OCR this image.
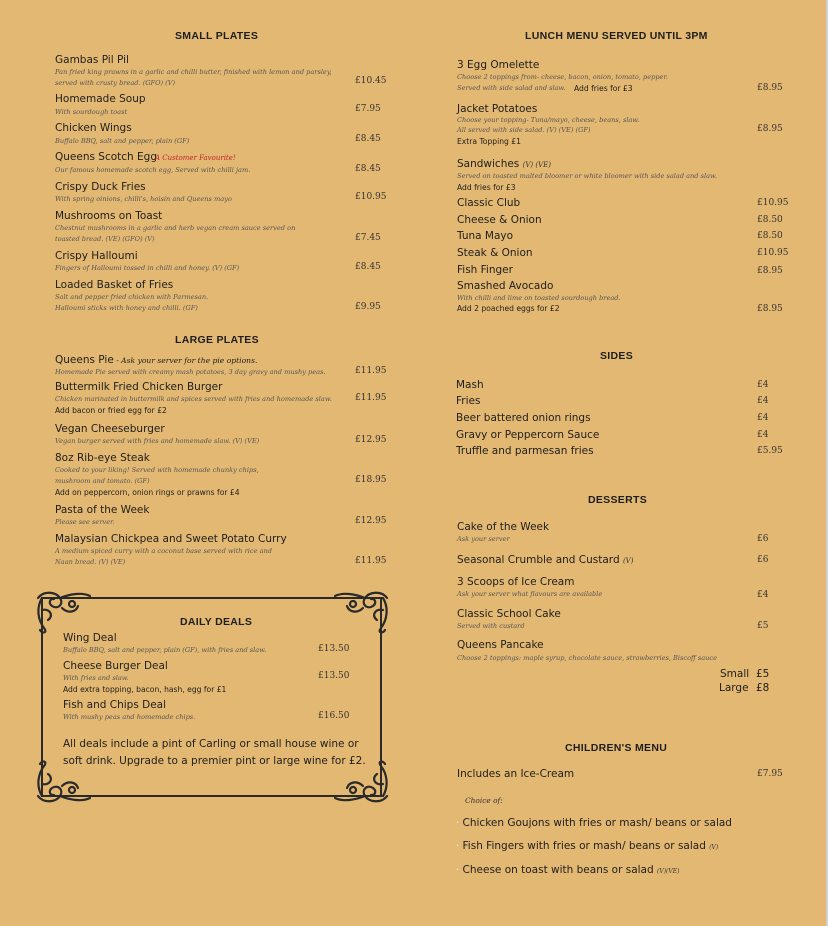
SMALL PLATES
Gambas Pil Pil
Pan fried king prawns in a garlic and chilli butter, finished with lemon and parsley,
served with crusty bread. (GFO) (V)	£10.45
Homemade Soup
With sourdough toast	£7.95
Chicken Wings
Buffalo BBQ, salt and pepper, plain (GF)	£8.45
Queens Scotch Egg
A Customer Favourite!
Our famous homemade scotch egg, Served with chilli jam.	£8.45
Crispy Duck Fries
With spring oinions, chilli's, hoisin and Queens mayo	£10.95
Mushrooms on Toast
Chestnut mushrooms in a garlic and herb vegan cream sauce served on
toasted bread. (VE) (GFO) (V)	£7.45
Crispy Halloumi
Fingers of Halloumi tossed in chilli and honey. (V) (GF)	£8.45
Loaded Basket of Fries
Salt and pepper fried chicken with Parmesan.
Halloumi sticks with honey and chilli. (GF)	£9.95
LARGE PLATES
Queens Pie - Ask your server for the pie options.
Homemade Pie served with creamy mash potatoes, 3 day gravy and mushy peas.	£11.95
Buttermilk Fried Chicken Burger
Chicken marinated in buttermilk and spices served with fries and homemade slaw.
Add bacon or fried egg for £2
£11.95
Vegan Cheeseburger
Vegan burger served with fries and homemade slaw. (V) (VE)	£12.95
8oz Rib-eye Steak
Cooked to your liking! Served with homemade chunky chips,
mushroom and tomato. (GF)
Add on peppercorn, onion rings or prawns for £4
£18.95
Pasta of the Week
Please see server.	£12.95
Malaysian Chickpea and Sweet Potato Curry
A medium spiced curry with a coconut base served with rice and
Naan bread. (V) (VE)	£11.95
DAILY DEALS
Wing Deal
Buffalo BBQ, salt and pepper, plain (GF), with fries and slaw.	£13.50
Cheese Burger Deal
With fries and slaw.
Add extra topping, bacon, hash, egg for £1
£13.50
Fish and Chips Deal
With mushy peas and homemade chips.	£16.50
All deals include a pint of Carling or small house wine or
soft drink. Upgrade to a premier pint or large wine for £2.
LUNCH MENU SERVED UNTIL 3PM
3 Egg Omelette
Choose 2 toppings from- cheese, bacon, onion, tomato, pepper.
Served with side salad and slaw. Add fries for £3	£8.95
Jacket Potatoes
Choose your topping- Tuna/mayo, cheese, beans, slaw.
All served with side salad. (V) (VE) (GF)
Extra Topping £1
£8.95
Sandwiches (V) (VE)
Served on toasted malted bloomer or white bloomer with side salad and slaw.
Add fries for £3
Classic Club	£10.95
Cheese & Onion	£8.50
Tuna Mayo	£8.50
Steak & Onion	£10.95
Fish Finger	£8.95
Smashed Avocado
With chilli and lime on toasted sourdough bread.
Add 2 poached eggs for £2	£8.95
SIDES
Mash	£4
Fries	£4
Beer battered onion rings	£4
Gravy or Peppercorn Sauce	£4
Truffle and parmesan fries	£5.95
DESSERTS
Cake of the Week
Ask your server	£6
Seasonal Crumble and Custard (V)	£6
3 Scoops of Ice Cream
Ask your server what flavours are available	£4
Classic School Cake
Served with custard	£5
Queens Pancake
Choose 2 toppings: maple syrup, chocolate sauce, strawberries, Biscoff sauce
Small £5
Large £8
CHILDREN'S MENU
Includes an Ice-Cream	£7.95
Choice of:
· Chicken Goujons with fries or mash/ beans or salad
· Fish Fingers with fries or mash/ beans or salad (V)
· Cheese on toast with beans or salad (V)(VE)
